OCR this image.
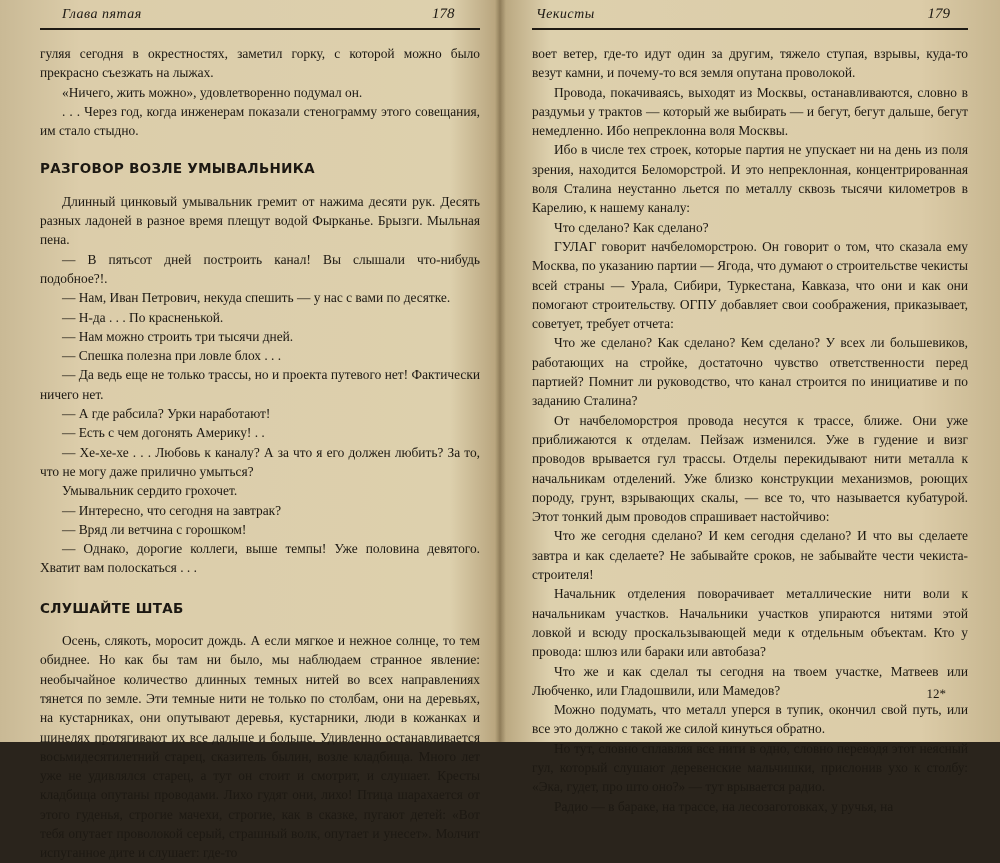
Глава пятая	178

гуляя сегодня в окрестностях, заметил горку, с которой можно было прекрасно съезжать на лыжах.

«Ничего, жить можно», удовлетворенно подумал он.

. . . Через год, когда инженерам показали стенограмму этого совещания, им стало стыдно.

РАЗГОВОР ВОЗЛЕ УМЫВАЛЬНИКА

Длинный цинковый умывальник гремит от нажима десяти рук. Десять разных ладоней в разное время плещут водой Фырканье. Брызги. Мыльная пена.

— В пятьсот дней построить канал! Вы слышали что-нибудь подобное?!.

— Нам, Иван Петрович, некуда спешить — у нас с вами по десятке.

— Н-да . . . По красненькой.

— Нам можно строить три тысячи дней.

— Спешка полезна при ловле блох . . .

— Да ведь еще не только трассы, но и проекта путевого нет! Фактически ничего нет.

— А где рабсила? Урки наработают!

— Есть с чем догонять Америку! . .

— Хе-хе-хе . . . Любовь к каналу? А за что я его должен любить? За то, что не могу даже прилично умыться?

Умывальник сердито грохочет.

— Интересно, что сегодня на завтрак?

— Вряд ли ветчина с горошком!

— Однако, дорогие коллеги, выше темпы! Уже половина девятого. Хватит вам полоскаться . . .

СЛУШАЙТЕ ШТАБ

Осень, слякоть, моросит дождь. А если мягкое и нежное солнце, то тем обиднее. Но как бы там ни было, мы наблюдаем странное явление: необычайное количество длинных темных нитей во всех направлениях тянется по земле. Эти темные нити не только по столбам, они на деревьях, на кустарниках, они опутывают деревья, кустарники, люди в кожанках и шинелях протягивают их все дальше и больше. Удивленно останавливается восьмидесятилетний старец, сказитель былин, возле кладбища. Много лет уже не удивлялся старец, а тут он стоит и смотрит, и слушает. Кресты кладбища опутаны проводами. Лихо гудят они, лихо! Птица шарахается от этого гуденья, строгие мачехи, строгие, как в сказке, пугают детей: «Вот тебя опутает проволокой серый, страшный волк, опутает и унесет». Молчит испуганное дите и слушает: где-то

Чекисты	179

воет ветер, где-то идут один за другим, тяжело ступая, взрывы, куда-то везут камни, и почему-то вся земля опутана проволокой.

Провода, покачиваясь, выходят из Москвы, останавливаются, словно в раздумьи у трактов — который же выбирать — и бегут, бегут дальше, бегут немедленно. Ибо непреклонна воля Москвы.

Ибо в числе тех строек, которые партия не упускает ни на день из поля зрения, находится Беломорстрой. И это непреклонная, концентрированная воля Сталина неустанно льется по металлу сквозь тысячи километров в Карелию, к нашему каналу:

Что сделано? Как сделано?

ГУЛАГ говорит начбеломорстрою. Он говорит о том, что сказала ему Москва, по указанию партии — Ягода, что думают о строительстве чекисты всей страны — Урала, Сибири, Туркестана, Кавказа, что они и как они помогают строительству. ОГПУ добавляет свои соображения, приказывает, советует, требует отчета:

Что же сделано? Как сделано? Кем сделано? У всех ли большевиков, работающих на стройке, достаточно чувство ответственности перед партией? Помнит ли руководство, что канал строится по инициативе и по заданию Сталина?

От начбеломорстроя провода несутся к трассе, ближе. Они уже приближаются к отделам. Пейзаж изменился. Уже в гудение и визг проводов врывается гул трассы. Отделы перекидывают нити металла к начальникам отделений. Уже близко конструкции механизмов, роющих породу, грунт, взрывающих скалы, — все то, что называется кубатурой. Этот тонкий дым проводов спрашивает настойчиво:

Что же сегодня сделано? И кем сегодня сделано? И что вы сделаете завтра и как сделаете? Не забывайте сроков, не забывайте чести чекиста-строителя!

Начальник отделения поворачивает металлические нити воли к начальникам участков. Начальники участков упираются нитями этой ловкой и всюду проскальзывающей меди к отдельным объектам. Кто у провода: шлюз или бараки или автобаза?

Что же и как сделал ты сегодня на твоем участке, Матвеев или Любченко, или Гладошвили, или Мамедов?

Можно подумать, что металл уперся в тупик, окончил свой путь, или все это должно с такой же силой кинуться обратно.

Но тут, словно сплавляя все нити в одно, словно переводя этот неясный гул, который слушают деревенские мальчишки, прислонив ухо к столбу: «Эка, гудет, про што оно?» — тут врывается радио.

Радио — в бараке, на трассе, на лесозаготовках, у ручья, на

12*
